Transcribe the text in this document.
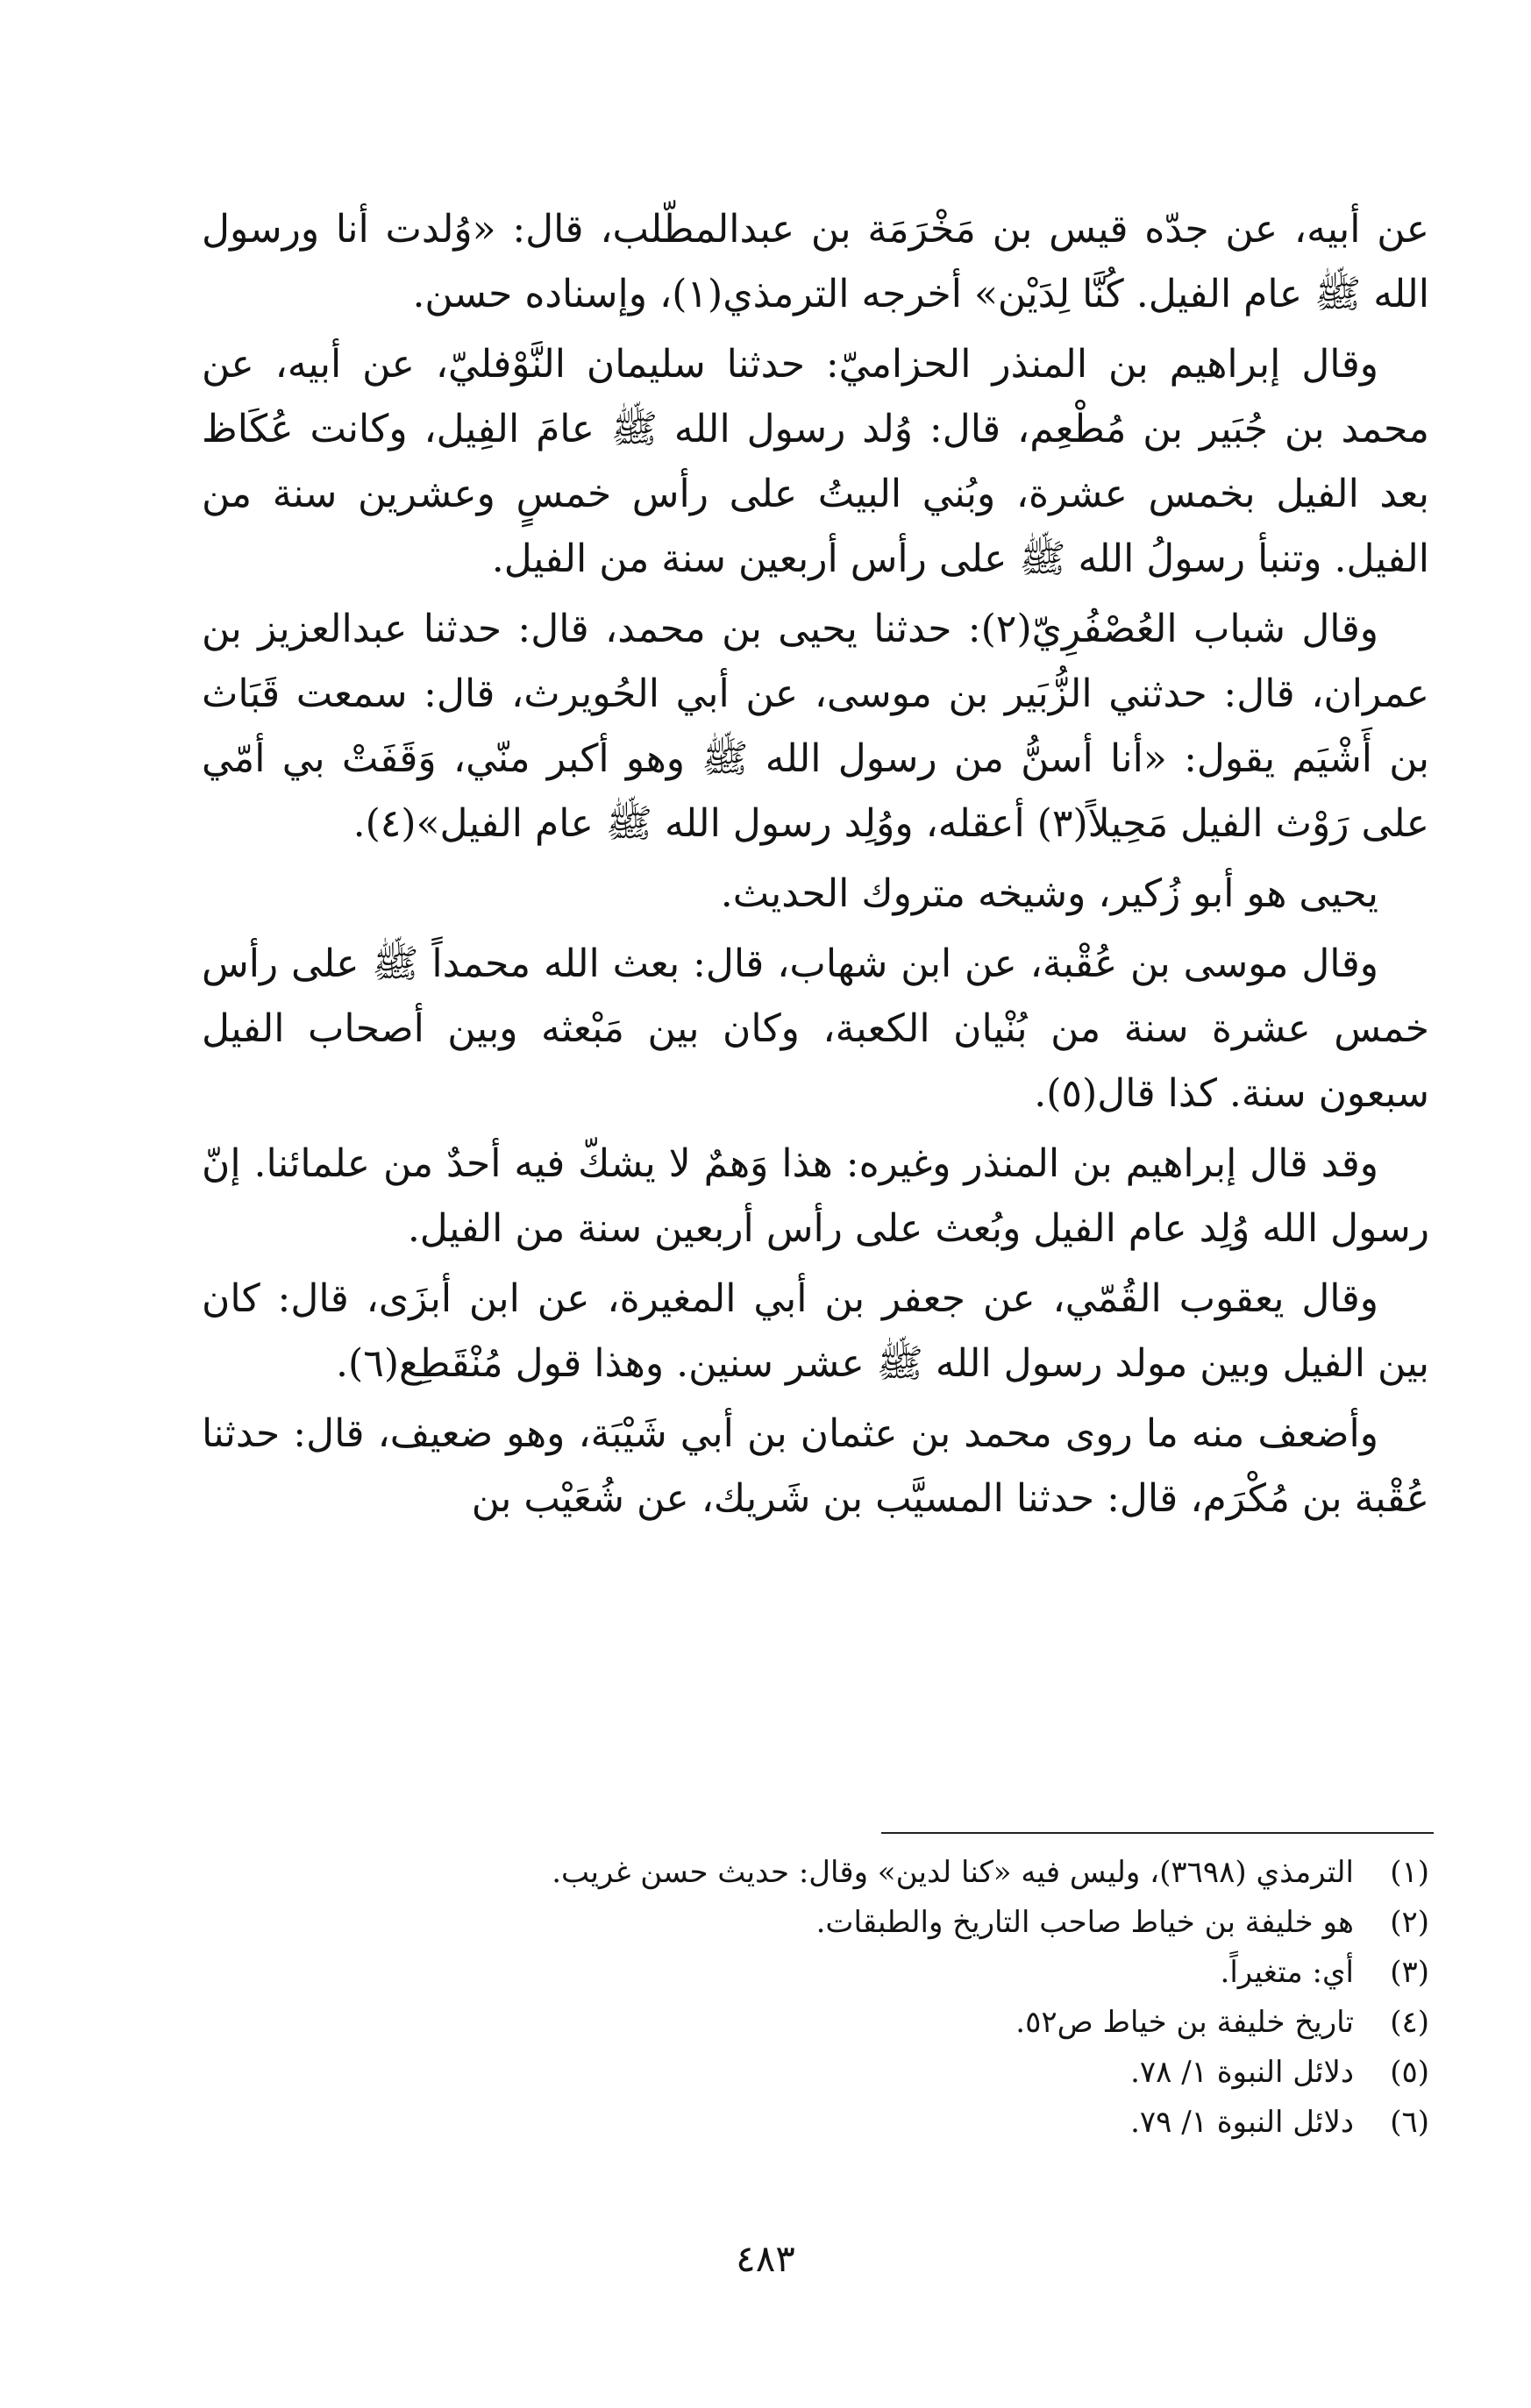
عن أبيه، عن جدّه قيس بن مَخْرَمَة بن عبدالمطّلب، قال: «وُلدت أنا ورسول الله ﷺ عام الفيل. كُنَّا لِدَيْن» أخرجه الترمذي(١)، وإسناده حسن.

وقال إبراهيم بن المنذر الحزاميّ: حدثنا سليمان النَّوْفليّ، عن أبيه، عن محمد بن جُبَير بن مُطْعِم، قال: وُلد رسول الله ﷺ عامَ الفِيل، وكانت عُكَاظ بعد الفيل بخمس عشرة، وبُني البيتُ على رأس خمسٍ وعشرين سنة من الفيل. وتنبأ رسولُ الله ﷺ على رأس أربعين سنة من الفيل.

وقال شباب العُصْفُرِيّ(٢): حدثنا يحيى بن محمد، قال: حدثنا عبدالعزيز بن عمران، قال: حدثني الزُّبَير بن موسى، عن أبي الحُويرث، قال: سمعت قَبَاث بن أَشْيَم يقول: «أنا أسنُّ من رسول الله ﷺ وهو أكبر منّي، وَقَفَتْ بي أمّي على رَوْث الفيل مَحِيلاً(٣) أعقله، ووُلِد رسول الله ﷺ عام الفيل»(٤).

يحيى هو أبو زُكير، وشيخه متروك الحديث.

وقال موسى بن عُقْبة، عن ابن شهاب، قال: بعث الله محمداً ﷺ على رأس خمس عشرة سنة من بُنْيان الكعبة، وكان بين مَبْعثه وبين أصحاب الفيل سبعون سنة. كذا قال(٥).

وقد قال إبراهيم بن المنذر وغيره: هذا وَهمٌ لا يشكّ فيه أحدٌ من علمائنا. إنّ رسول الله وُلِد عام الفيل وبُعث على رأس أربعين سنة من الفيل.

وقال يعقوب القُمّي، عن جعفر بن أبي المغيرة، عن ابن أبزَى، قال: كان بين الفيل وبين مولد رسول الله ﷺ عشر سنين. وهذا قول مُنْقَطِع(٦).

وأضعف منه ما روى محمد بن عثمان بن أبي شَيْبَة، وهو ضعيف، قال: حدثنا عُقْبة بن مُكْرَم، قال: حدثنا المسيَّب بن شَريك، عن شُعَيْب بن

(١)
الترمذي (٣٦٩٨)، وليس فيه «كنا لدين» وقال: حديث حسن غريب.
(٢)
هو خليفة بن خياط صاحب التاريخ والطبقات.
(٣)
أي: متغيراً.
(٤)
تاريخ خليفة بن خياط ص٥٢.
(٥)
دلائل النبوة ١/ ٧٨.
(٦)
دلائل النبوة ١/ ٧٩.
٤٨٣
